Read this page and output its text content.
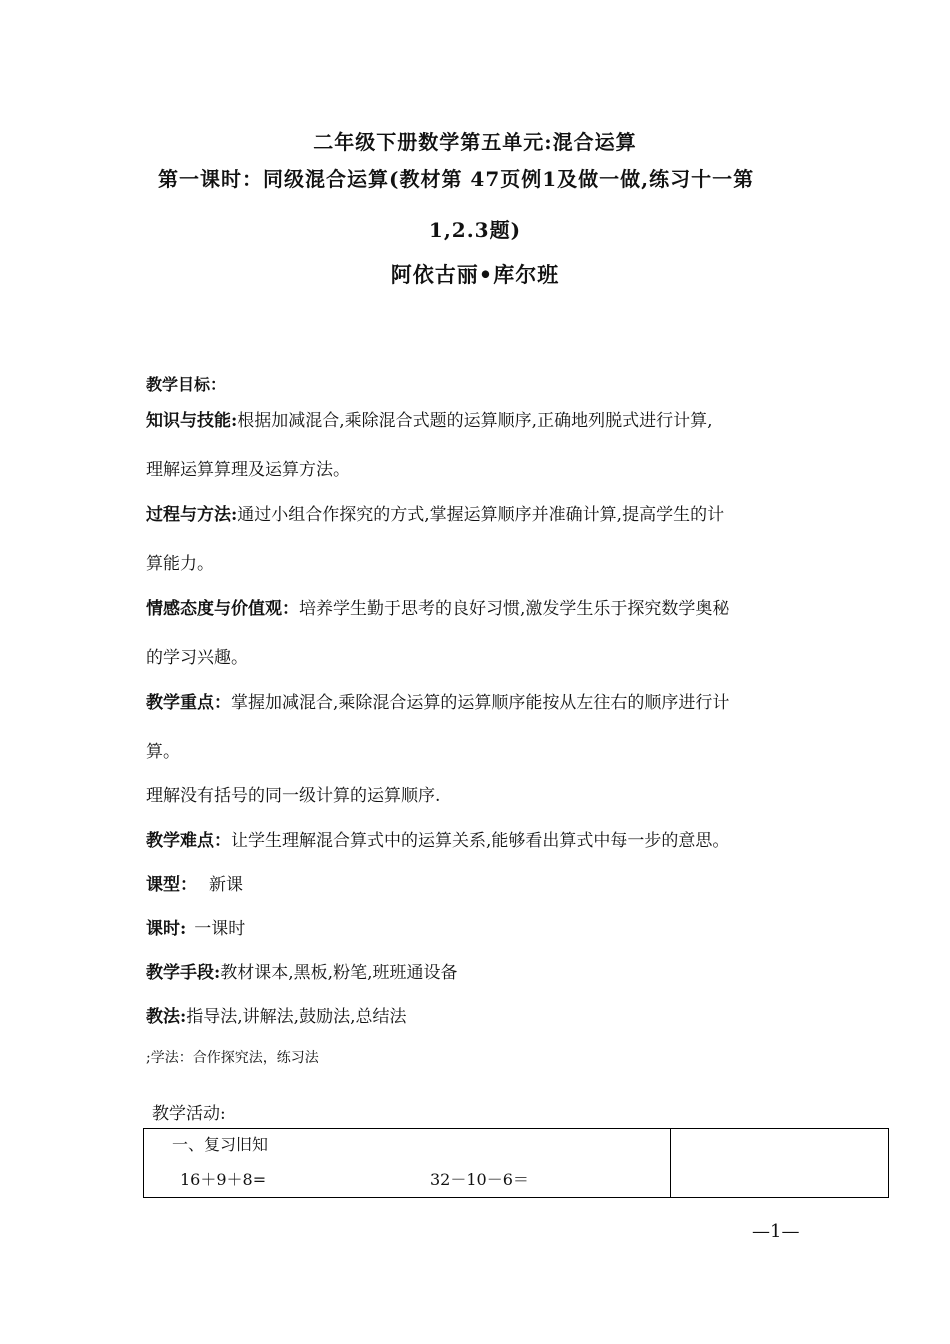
二年级下册数学第五单元:混合运算
第一课时：同级混合运算(教材第 47页例1及做一做,练习十一第
1,2.3题)
阿依古丽•库尔班
教学目标：
知识与技能:根据加减混合,乘除混合式题的运算顺序,正确地列脱式进行计算,
理解运算算理及运算方法。
过程与方法:通过小组合作探究的方式,掌握运算顺序并准确计算,提高学生的计
算能力。
情感态度与价值观：培养学生勤于思考的良好习惯,激发学生乐于探究数学奥秘
的学习兴趣。
教学重点：掌握加减混合,乘除混合运算的运算顺序能按从左往右的顺序进行计
算。
理解没有括号的同一级计算的运算顺序.
教学难点：让学生理解混合算式中的运算关系,能够看出算式中每一步的意思。
课型： 新课
课时: 一课时
教学手段:教材课本,黑板,粉笔,班班通设备
教法:指导法,讲解法,鼓励法,总结法
;学法：合作探究法，练习法
教学活动:
一、复习旧知
16＋9＋8=	32－10－6＝
—1—
